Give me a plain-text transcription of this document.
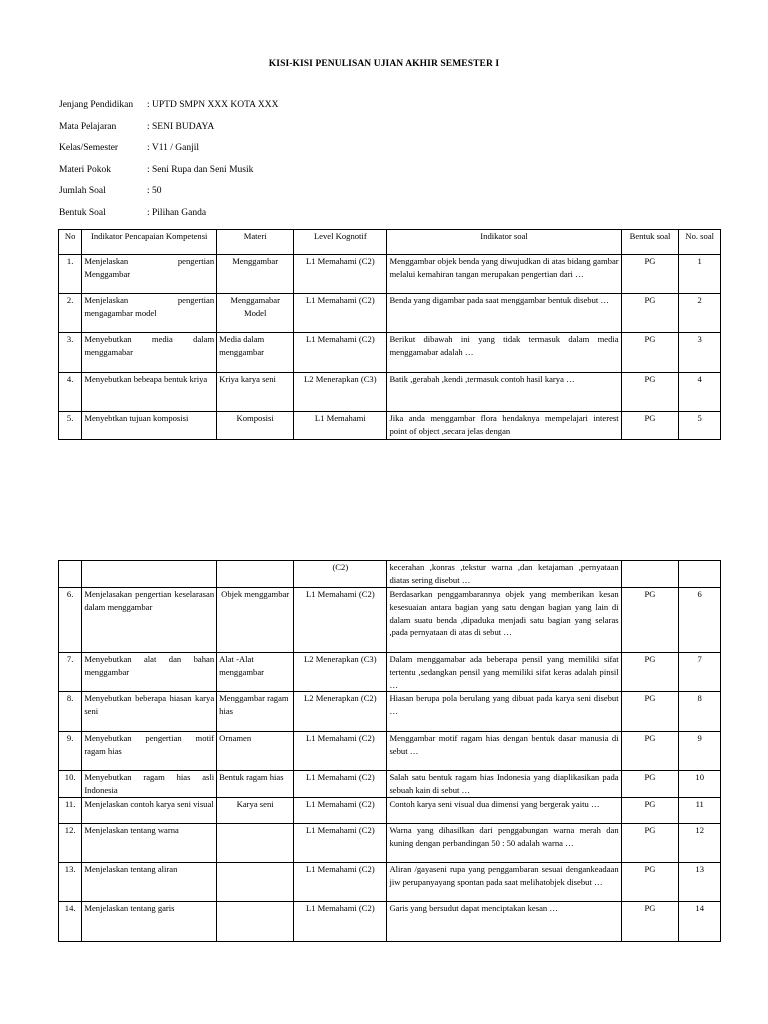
KISI-KISI PENULISAN UJIAN AKHIR SEMESTER I
Jenjang Pendidikan : UPTD SMPN XXX KOTA XXX
Mata Pelajaran	: SENI BUDAYA
Kelas/Semester	: V11 / Ganjil
Materi Pokok	: Seni Rupa dan Seni Musik
Jumlah Soal	: 50
Bentuk Soal	: Pilihan Ganda
No	Indikator Pencapaian Kompetensi	Materi	Level Kognotif	Indikator soal	Bentuk soal	No. soal
1.	Menjelaskan pengertian Menggambar	Menggambar	L1 Memahami (C2)	Menggambar objek benda yang diwujudkan di atas bidang gambar melalui kemahiran tangan merupakan pengertian dari …	PG	1
2.	Menjelaskan pengertian mengagambar model	Menggamabar Model	L1 Memahami (C2)	Benda yang digambar pada saat menggambar bentuk disebut …	PG	2
3.	Menyebutkan media dalam menggamabar	Media dalam menggambar	L1 Memahami (C2)	Berikut dibawah ini yang tidak termasuk dalam media menggamabar adalah …	PG	3
4.	Menyebutkan bebeapa bentuk kriya	Kriya karya seni	L2 Menerapkan (C3)	Batik ,gerabah ,kendi ,termasuk contoh hasil karya …	PG	4
5.	Menyebtkan tujuan komposisi	Komposisi	L1 Memahami	Jika anda menggambar flora hendaknya mempelajari interest point of object ,secara jelas dengan	PG	5
			(C2)	kecerahan ,konras ,tekstur warna ,dan ketajaman ,pernyataan diatas sering disebut …		
6.	Menjelasakan pengertian keselarasan dalam menggambar	Objek menggambar	L1 Memahami (C2)	Berdasarkan penggambarannya objek yang memberikan kesan kesesuaian antara bagian yang satu dengan bagian yang lain di dalam suatu benda ,dipaduka menjadi satu bagian yang selaras ,pada pernyataan di atas di sebut …	PG	6
7.	Menyebutkan alat dan bahan menggambar	Alat -Alat menggambar	L2 Menerapkan (C3)	Dalam menggamabar ada beberapa pensil yang memiliki sifat tertentu ,sedangkan pensil yang memiliki sifat keras adalah pinsil …	PG	7
8.	Menyebutkan beberapa hiasan karya seni	Menggambar ragam hias	L2 Menerapkan (C2)	Hiasan berupa pola berulang yang dibuat pada karya seni disebut …	PG	8
9.	Menyebutkan pengertian motif ragam hias	Ornamen	L1 Memahami (C2)	Menggambar motif ragam hias dengan bentuk dasar manusia di sebut …	PG	9
10.	Menyebutkan ragam hias asli Indonesia	Bentuk ragam hias	L1 Memahami (C2)	Salah satu bentuk ragam hias Indonesia yang diaplikasikan pada sebuah kain di sebut …	PG	10
11.	Menjelaskan contoh karya seni visual	Karya seni	L1 Memahami (C2)	Contoh karya seni visual dua dimensi yang bergerak yaitu …	PG	11
12.	Menjelaskan tentang warna		L1 Memahami (C2)	Warna yang dihasilkan dari penggabungan warna merah dan kuning dengan perbandingan 50 : 50 adalah warna …	PG	12
13.	Menjelaskan tentang aliran		L1 Memahami (C2)	Aliran /gayaseni rupa yang penggambaran sesuai dengankeadaan jiw perupanyayang spontan pada saat melihatobjek disebut …	PG	13
14.	Menjelaskan tentang garis		L1 Memahami (C2)	Garis yang bersudut dapat menciptakan kesan …	PG	14
